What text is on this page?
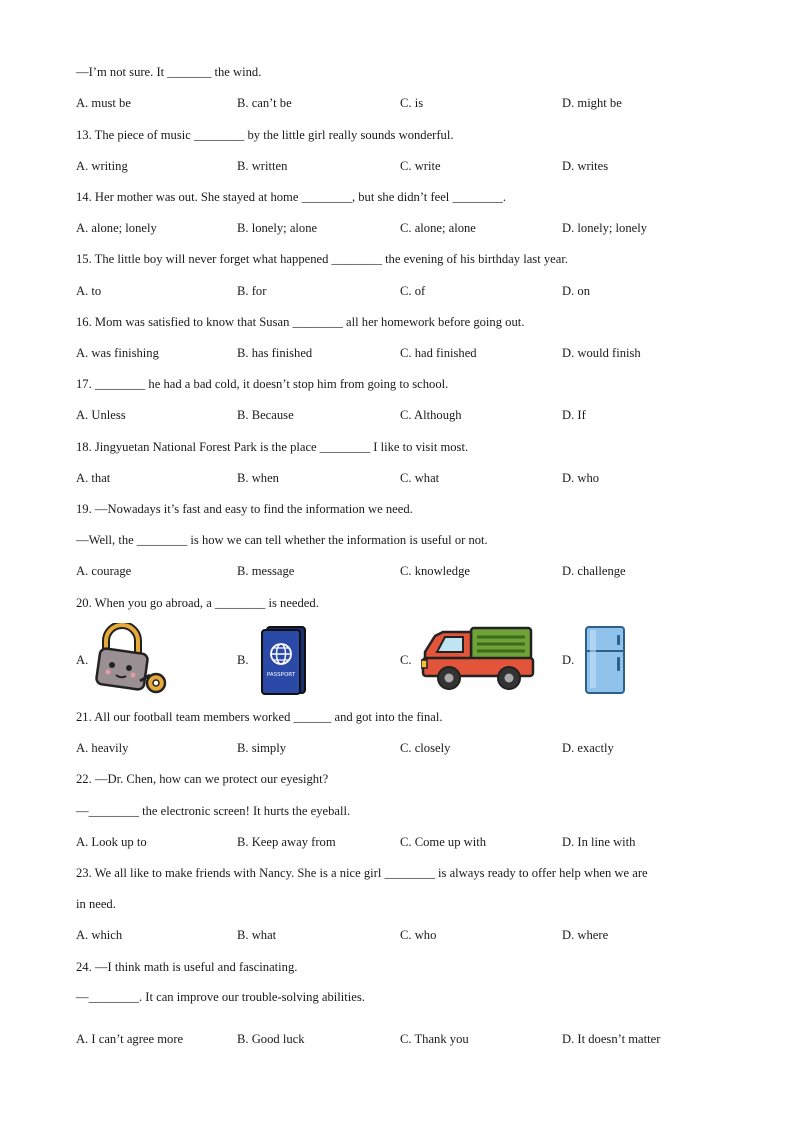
—I’m not sure. It _______ the wind.
A. must be	B. can’t be	C. is	D. might be
13. The piece of music ________ by the little girl really sounds wonderful.
A. writing	B. written	C. write	D. writes
14. Her mother was out. She stayed at home ________, but she didn’t feel ________.
A. alone; lonely	B. lonely; alone	C. alone; alone	D. lonely; lonely
15. The little boy will never forget what happened ________ the evening of his birthday last year.
A. to	B. for	C. of	D. on
16. Mom was satisfied to know that Susan ________ all her homework before going out.
A. was finishing	B. has finished	C. had finished	D. would finish
17. ________ he had a bad cold, it doesn’t stop him from going to school.
A. Unless	B. Because	C. Although	D. If
18. Jingyuetan National Forest Park is the place ________ I like to visit most.
A. that	B. when	C. what	D. who
19. —Nowadays it’s fast and easy to find the information we need.
—Well, the ________ is how we can tell whether the information is useful or not.
A. courage	B. message	C. knowledge	D. challenge
20. When you go abroad, a ________ is needed.
A.	B.	C.	D.
PASSPORT
21. All our football team members worked ______ and got into the final.
A. heavily	B. simply	C. closely	D. exactly
22. —Dr. Chen, how can we protect our eyesight?
—________ the electronic screen! It hurts the eyeball.
A. Look up to	B. Keep away from	C. Come up with	D. In line with
23. We all like to make friends with Nancy. She is a nice girl ________ is always ready to offer help when we are
in need.
A. which	B. what	C. who	D. where
24. —I think math is useful and fascinating.
—________. It can improve our trouble-solving abilities.
A. I can’t agree more	B. Good luck	C. Thank you	D. It doesn’t matter
